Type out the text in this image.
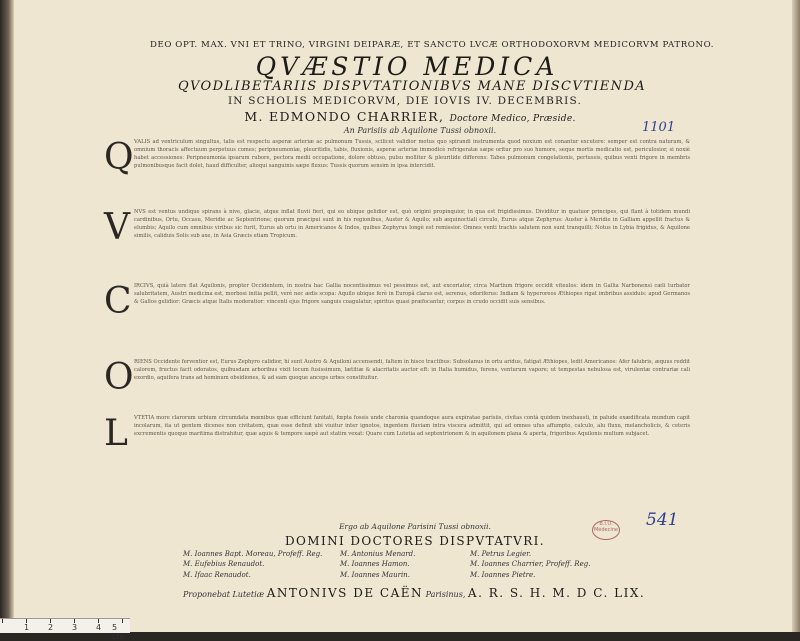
DEO OPT. MAX. VNI ET TRINO, VIRGINI DEIPARÆ, ET SANCTO LVCÆ ORTHODOXORVM MEDICORVM PATRONO.
QVÆSTIO MEDICA
QVODLIBETARIIS DISPVTATIONIBVS MANE DISCVTIENDA
IN SCHOLIS MEDICORVM, DIE IOVIS IV. DECEMBRIS.
M. EDMONDO CHARRIER, Doctore Medico, Præside.
An Parisiis ab Aquilone Tussi obnoxii.	1101
Q VALIS ad ventriculum singultus, talis est respectu asperæ arteriæ ac pulmonum Tussis, scilicet validior motus quo spirandi instrumenta quod noxium est conantur excutere: semper est contra naturam, & omnium thoracis affectuum perpetuus comes; peripneumoniæ, pleuritidis, tabis, fluxionis, asperæ arteriæ immodicè refrigeratæ sæpe oritur pro suo humore, seque mortis medicatio est, periculosior, si noxiè habet accessiones: Peripneumonia ipsarum rubore, pectora medii occupatione, dolore obtuso, pulsu molliter & pleuritide differens: Tabes pulmonum congelationis, pertussis, quibus venti frigore in membris pulmonibusque facit dolet, haud difficulter, alioqui sanguinis sæpe fluxus: Tussis quorum sensim in ipsa intercidit.
V NVS est ventus undique spirans à nive, glacie, atque inflat fluvii fieri, qui eo ubique gelidior est, quò origini propinquior, in qua est frigidissimus. Dividitur in quatuor principes, qui flant à totidem mundi cardinibus, Ortu, Occasu, Meridie ac Septentrione; quorum præcipui sunt in his regionibus, Auster & Aquilo; sub æquinoctiali circulo, Eurus atque Zephyrus: Auster à Meridie in Galliam appellit fractus & elumbis; Aquilo cum omnibus viribus sic furit, Eurus ab ortu in Americanos & Indos, quibus Zephyrus longè est remissior. Omnes venti trachis salutem non sunt tranquilli; Notus in Lybia frigidus, & Aquilone similis, caliduis Solis sub axe, in Asia Græcis etiam Tropicum.
C IRCIVS, quià latere flat Aquilonis, propter Occidentem, in nostra hac Gallia nocentissimus vel pessimus est, aut excoriator, circa Martium frigore occidit viteulos: idem in Gallia Narbonensi cæli turbator salubritatem, Austri medicina est, morbosi initia pellit, verè nec ædis scopa: Aquilo ubique ferè in Europâ clarus est, serenus, odoriferus: Indiam & hyperoreos Æthiopes rigat imbribus assiduis: apud Germanos & Gallos gelidior: Græcis atque Italis moderatior: vincenti ejus frigore sanguis coagulatur, spiritus quasi præfocantur, corpus in crudo occidit suis sensibus.
O RIENS Occidente ferventior est, Eurus Zephyro calidior, hi sunt Austro & Aquiloni accensendi, faltem in hisce tractibus: Subsolanus in ortu aridus, fatigat Æthiopes, ledit Americanos: Afer falubris, æquus reddit calorem, fructus facit odoratos, quibusdam arboribus vixit locum fusissimum, lætitiæ & alacritatis auctor eft: in Italia humidus, ferens, venturum vapore; ut tempestas nebulosa est, virulentæ contrariæ cali exordio, aquifera trans ad hominum obsidiones, & ad eam quoque anceps urbes constituitur.
L VTETIA more clarorum urbium circumdata mœnibus quæ efficiunt fanitati, fœpta fossis unde charonia quandoque aura expiratae parisiis, civitas contà quidem inexhausti, in palude exædificata mundum capit incolarum, ita ut gentem dicenes non civitatem, quæ esse definit ubi viuitur inter ignotos, ingentem fluviam intra viscera admittit, qui ad omnes ufus affumpto, calculo, alu fluxu, melancholicis, & ceteris excrementis quoque maritima distrahitur, quæ aquis & tempore sæpè aut statim vexat: Quare cum Lutetia ad septentrionem & in aquilonem plana & aperta, frigoribus Aquilonis multum subjacet.
Ergo ab Aquilone Parisini Tussi obnoxii.	B.I.U. Médecine 541
DOMINI DOCTORES DISPVTATVRI.
M. Ioannes Bapt. Moreau, Profeff. Reg.
M. Eufebius Renaudot.
M. Ifaac Renaudot.
M. Antonius Menard.
M. Ioannes Hamon.
M. Ioannes Maurin.
M. Petrus Legier.
M. Ioannes Charrier, Profeff. Reg.
M. Ioannes Pietre.
Proponebat Lutetiæ ANTONIVS DE CAËN Parisinus, A. R. S. H. M. D C. LIX.
1 2 3 4 5 cm
